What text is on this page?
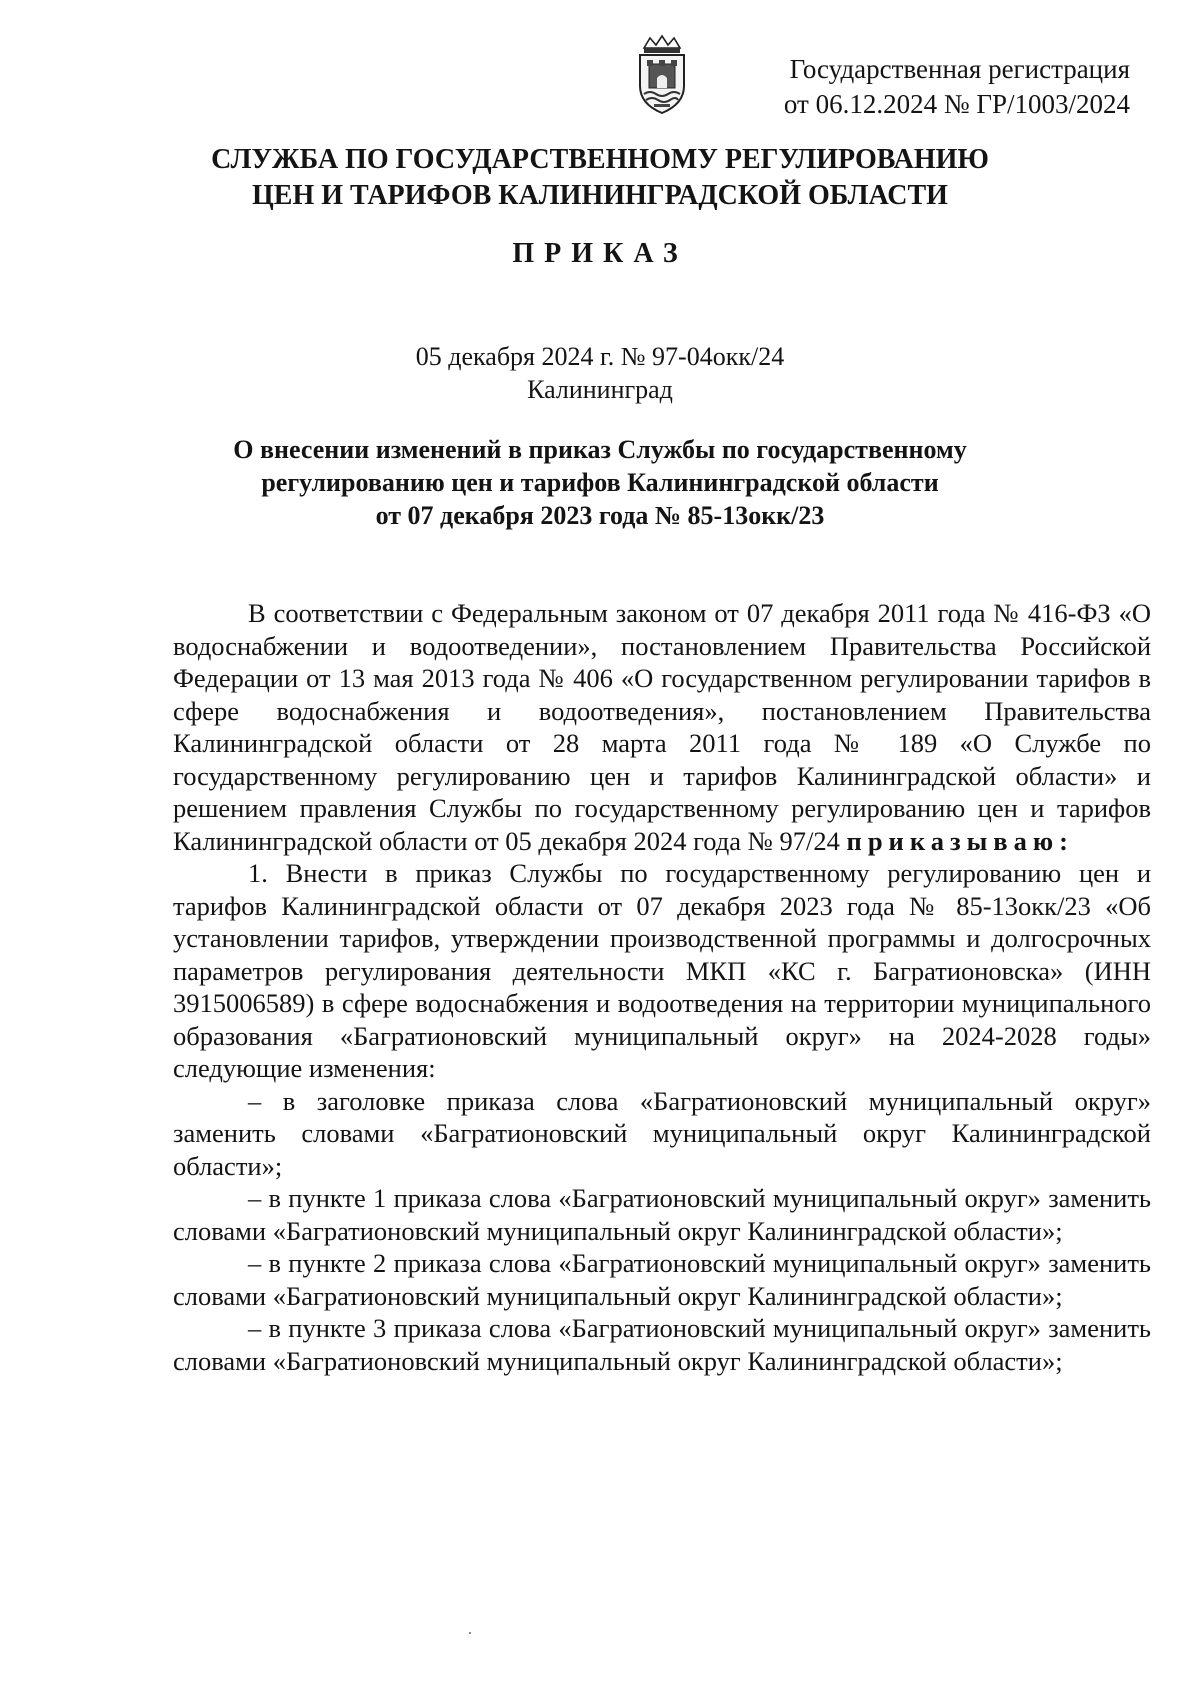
Государственная регистрация
от 06.12.2024 № ГР/1003/2024
СЛУЖБА ПО ГОСУДАРСТВЕННОМУ РЕГУЛИРОВАНИЮ
ЦЕН И ТАРИФОВ КАЛИНИНГРАДСКОЙ ОБЛАСТИ
ПРИКАЗ
05 декабря 2024 г. № 97-04окк/24
Калининград
О внесении изменений в приказ Службы по государственному
регулированию цен и тарифов Калининградской области
от 07 декабря 2023 года № 85-13окк/23

В соответствии с Федеральным законом от 07 декабря 2011 года № 416-ФЗ «О водоснабжении и водоотведении», постановлением Правительства Российской Федерации от 13 мая 2013 года № 406 «О государственном регулировании тарифов в сфере водоснабжения и водоотведения», постановлением Правительства Калининградской области от 28 марта 2011 года № 189 «О Службе по государственному регулированию цен и тарифов Калининградской области» и решением правления Службы по государственному регулированию цен и тарифов Калининградской области от 05 декабря 2024 года № 97/24 приказываю:

1. Внести в приказ Службы по государственному регулированию цен и тарифов Калининградской области от 07 декабря 2023 года № 85-13окк/23 «Об установлении тарифов, утверждении производственной программы и долгосрочных параметров регулирования деятельности МКП «КС г. Багратионовска» (ИНН 3915006589) в сфере водоснабжения и водоотведения на территории муниципального образования «Багратионовский муниципальный округ» на 2024-2028 годы» следующие изменения:

– в заголовке приказа слова «Багратионовский муниципальный округ» заменить словами «Багратионовский муниципальный округ Калининградской области»;

– в пункте 1 приказа слова «Багратионовский муниципальный округ» заменить словами «Багратионовский муниципальный округ Калининградской области»;

– в пункте 2 приказа слова «Багратионовский муниципальный округ» заменить словами «Багратионовский муниципальный округ Калининградской области»;

– в пункте 3 приказа слова «Багратионовский муниципальный округ» заменить словами «Багратионовский муниципальный округ Калининградской области»;
